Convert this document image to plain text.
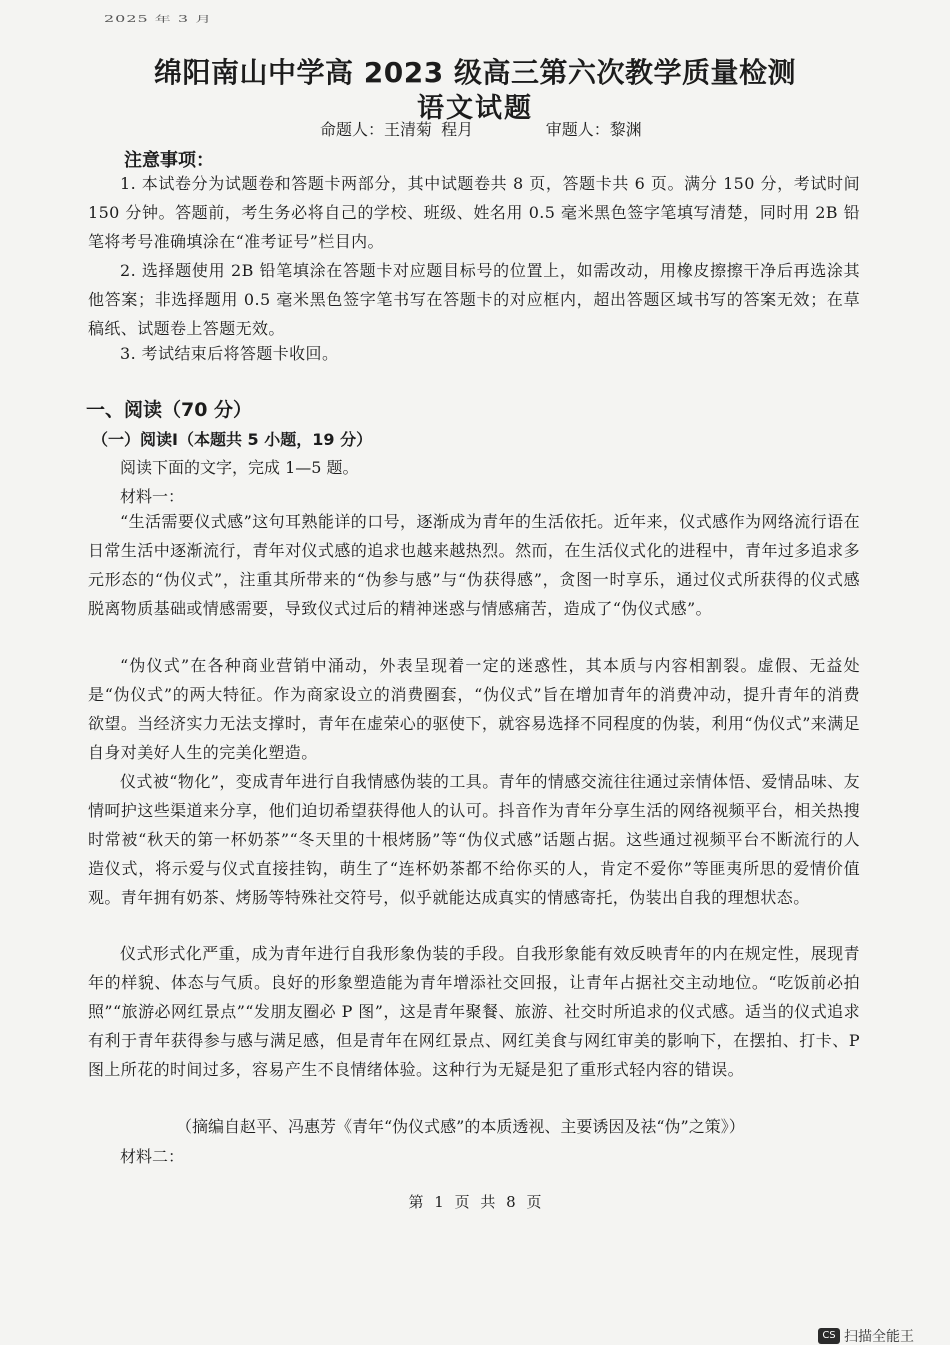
2025 年 3 月
绵阳南山中学高 2023 级高三第六次教学质量检测
语文试题
命题人：王清菊 程月        审题人：黎渊
注意事项：
1. 本试卷分为试题卷和答题卡两部分，其中试题卷共 8 页，答题卡共 6 页。满分 150 分，考试时间 150 分钟。答题前，考生务必将自己的学校、班级、姓名用 0.5 毫米黑色签字笔填写清楚，同时用 2B 铅笔将考号准确填涂在“准考证号”栏目内。
2. 选择题使用 2B 铅笔填涂在答题卡对应题目标号的位置上，如需改动，用橡皮擦擦干净后再选涂其他答案；非选择题用 0.5 毫米黑色签字笔书写在答题卡的对应框内，超出答题区域书写的答案无效；在草稿纸、试题卷上答题无效。
3. 考试结束后将答题卡收回。
一、阅读（70 分）
（一）阅读Ⅰ（本题共 5 小题，19 分）
阅读下面的文字，完成 1—5 题。
材料一：
“生活需要仪式感”这句耳熟能详的口号，逐渐成为青年的生活依托。近年来，仪式感作为网络流行语在日常生活中逐渐流行，青年对仪式感的追求也越来越热烈。然而，在生活仪式化的进程中，青年过多追求多元形态的“伪仪式”，注重其所带来的“伪参与感”与“伪获得感”，贪图一时享乐，通过仪式所获得的仪式感脱离物质基础或情感需要，导致仪式过后的精神迷惑与情感痛苦，造成了“伪仪式感”。
“伪仪式”在各种商业营销中涌动，外表呈现着一定的迷惑性，其本质与内容相割裂。虚假、无益处是“伪仪式”的两大特征。作为商家设立的消费圈套，“伪仪式”旨在增加青年的消费冲动，提升青年的消费欲望。当经济实力无法支撑时，青年在虚荣心的驱使下，就容易选择不同程度的伪装，利用“伪仪式”来满足自身对美好人生的完美化塑造。
仪式被“物化”，变成青年进行自我情感伪装的工具。青年的情感交流往往通过亲情体悟、爱情品味、友情呵护这些渠道来分享，他们迫切希望获得他人的认可。抖音作为青年分享生活的网络视频平台，相关热搜时常被“秋天的第一杯奶茶”“冬天里的十根烤肠”等“伪仪式感”话题占据。这些通过视频平台不断流行的人造仪式，将示爱与仪式直接挂钩，萌生了“连杯奶茶都不给你买的人，肯定不爱你”等匪夷所思的爱情价值观。青年拥有奶茶、烤肠等特殊社交符号，似乎就能达成真实的情感寄托，伪装出自我的理想状态。
仪式形式化严重，成为青年进行自我形象伪装的手段。自我形象能有效反映青年的内在规定性，展现青年的样貌、体态与气质。良好的形象塑造能为青年增添社交回报，让青年占据社交主动地位。“吃饭前必拍照”“旅游必网红景点”“发朋友圈必 P 图”，这是青年聚餐、旅游、社交时所追求的仪式感。适当的仪式追求有利于青年获得参与感与满足感，但是青年在网红景点、网红美食与网红审美的影响下，在摆拍、打卡、P 图上所花的时间过多，容易产生不良情绪体验。这种行为无疑是犯了重形式轻内容的错误。
（摘编自赵平、冯惠芳《青年“伪仪式感”的本质透视、主要诱因及祛“伪”之策》）
材料二：
第 1 页 共 8 页
CS 扫描全能王
